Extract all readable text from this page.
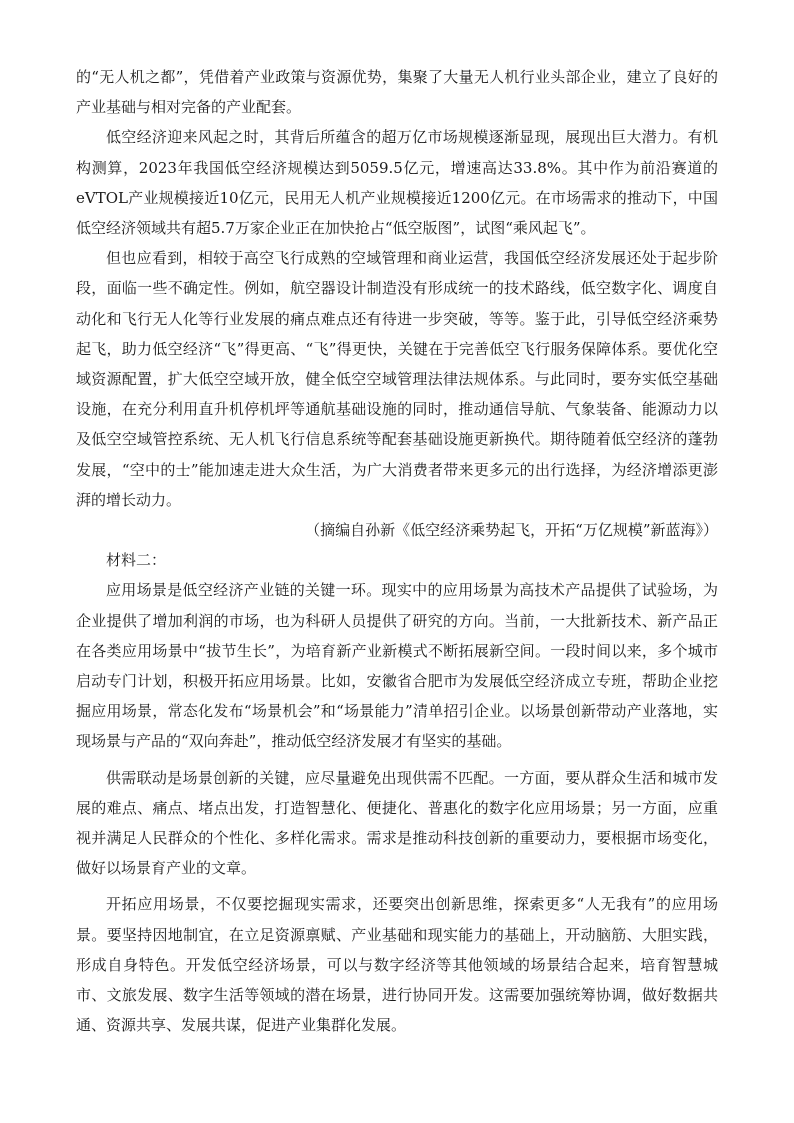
的“无人机之都”，凭借着产业政策与资源优势，集聚了大量无人机行业头部企业，建立了良好的产业基础与相对完备的产业配套。

低空经济迎来风起之时，其背后所蕴含的超万亿市场规模逐渐显现，展现出巨大潜力。有机构测算，2023年我国低空经济规模达到5059.5亿元，增速高达33.8%。其中作为前沿赛道的eVTOL产业规模接近10亿元，民用无人机产业规模接近1200亿元。在市场需求的推动下，中国低空经济领域共有超5.7万家企业正在加快抢占“低空版图”，试图“乘风起飞”。

但也应看到，相较于高空飞行成熟的空域管理和商业运营，我国低空经济发展还处于起步阶段，面临一些不确定性。例如，航空器设计制造没有形成统一的技术路线，低空数字化、调度自动化和飞行无人化等行业发展的痛点难点还有待进一步突破，等等。鉴于此，引导低空经济乘势起飞，助力低空经济“飞”得更高、“飞”得更快，关键在于完善低空飞行服务保障体系。要优化空域资源配置，扩大低空空域开放，健全低空空域管理法律法规体系。与此同时，要夯实低空基础设施，在充分利用直升机停机坪等通航基础设施的同时，推动通信导航、气象装备、能源动力以及低空空域管控系统、无人机飞行信息系统等配套基础设施更新换代。期待随着低空经济的蓬勃发展，“空中的士”能加速走进大众生活，为广大消费者带来更多元的出行选择，为经济增添更澎湃的增长动力。

（摘编自孙新《低空经济乘势起飞，开拓“万亿规模”新蓝海》）

材料二：

应用场景是低空经济产业链的关键一环。现实中的应用场景为高技术产品提供了试验场，为企业提供了增加利润的市场，也为科研人员提供了研究的方向。当前，一大批新技术、新产品正在各类应用场景中“拔节生长”，为培育新产业新模式不断拓展新空间。一段时间以来，多个城市启动专门计划，积极开拓应用场景。比如，安徽省合肥市为发展低空经济成立专班，帮助企业挖掘应用场景，常态化发布“场景机会”和“场景能力”清单招引企业。以场景创新带动产业落地，实现场景与产品的“双向奔赴”，推动低空经济发展才有坚实的基础。

供需联动是场景创新的关键，应尽量避免出现供需不匹配。一方面，要从群众生活和城市发展的难点、痛点、堵点出发，打造智慧化、便捷化、普惠化的数字化应用场景；另一方面，应重视并满足人民群众的个性化、多样化需求。需求是推动科技创新的重要动力，要根据市场变化，做好以场景育产业的文章。

开拓应用场景，不仅要挖掘现实需求，还要突出创新思维，探索更多“人无我有”的应用场景。要坚持因地制宜，在立足资源禀赋、产业基础和现实能力的基础上，开动脑筋、大胆实践，形成自身特色。开发低空经济场景，可以与数字经济等其他领域的场景结合起来，培育智慧城市、文旅发展、数字生活等领域的潜在场景，进行协同开发。这需要加强统筹协调，做好数据共通、资源共享、发展共谋，促进产业集群化发展。
